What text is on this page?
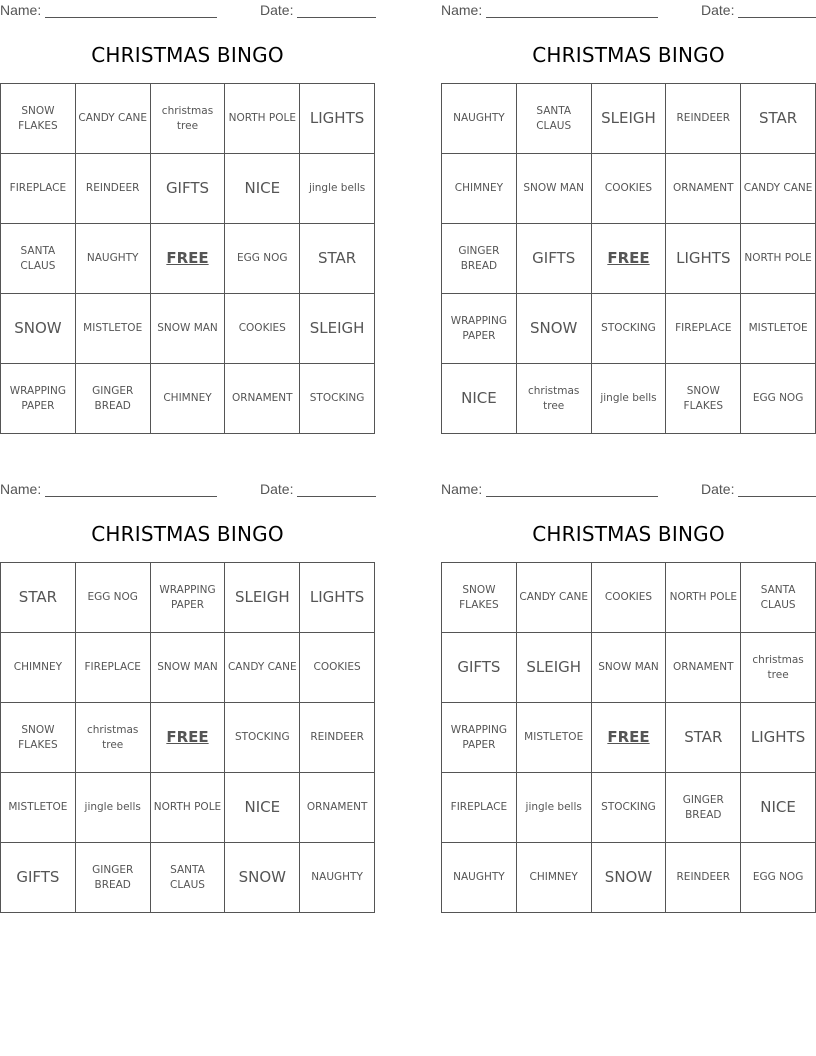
Name:	Date:
CHRISTMAS BINGO
SNOW FLAKES	CANDY CANE	christmas tree	NORTH POLE	LIGHTS
FIREPLACE	REINDEER	GIFTS	NICE	jingle bells
SANTA CLAUS	NAUGHTY	FREE	EGG NOG	STAR
SNOW	MISTLETOE	SNOW MAN	COOKIES	SLEIGH
WRAPPING PAPER	GINGER BREAD	CHIMNEY	ORNAMENT	STOCKING
Name:	Date:
CHRISTMAS BINGO
NAUGHTY	SANTA CLAUS	SLEIGH	REINDEER	STAR
CHIMNEY	SNOW MAN	COOKIES	ORNAMENT	CANDY CANE
GINGER BREAD	GIFTS	FREE	LIGHTS	NORTH POLE
WRAPPING PAPER	SNOW	STOCKING	FIREPLACE	MISTLETOE
NICE	christmas tree	jingle bells	SNOW FLAKES	EGG NOG
Name:	Date:
CHRISTMAS BINGO
STAR	EGG NOG	WRAPPING PAPER	SLEIGH	LIGHTS
CHIMNEY	FIREPLACE	SNOW MAN	CANDY CANE	COOKIES
SNOW FLAKES	christmas tree	FREE	STOCKING	REINDEER
MISTLETOE	jingle bells	NORTH POLE	NICE	ORNAMENT
GIFTS	GINGER BREAD	SANTA CLAUS	SNOW	NAUGHTY
Name:	Date:
CHRISTMAS BINGO
SNOW FLAKES	CANDY CANE	COOKIES	NORTH POLE	SANTA CLAUS
GIFTS	SLEIGH	SNOW MAN	ORNAMENT	christmas tree
WRAPPING PAPER	MISTLETOE	FREE	STAR	LIGHTS
FIREPLACE	jingle bells	STOCKING	GINGER BREAD	NICE
NAUGHTY	CHIMNEY	SNOW	REINDEER	EGG NOG
